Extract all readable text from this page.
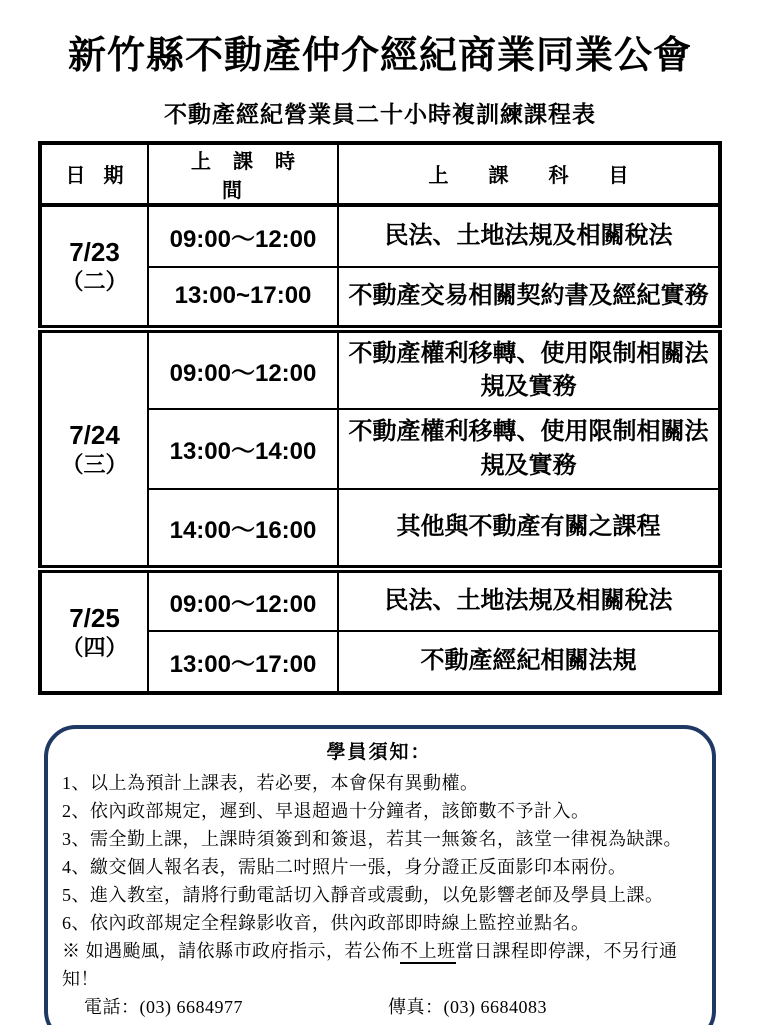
新竹縣不動產仲介經紀商業同業公會
不動產經紀營業員二十小時複訓練課程表
日期	上課時間	上課科目

7/23
（二）	09:00～12:00	民法、土地法規及相關稅法
	13:00~17:00	不動產交易相關契約書及經紀實務

7/24
（三）	09:00～12:00	不動產權利移轉、使用限制相關法規及實務
	13:00～14:00	不動產權利移轉、使用限制相關法規及實務
	14:00～16:00	其他與不動產有關之課程

7/25
（四）	09:00～12:00	民法、土地法規及相關稅法
	13:00～17:00	不動產經紀相關法規
學員須知：
1、以上為預計上課表，若必要，本會保有異動權。
2、依內政部規定，遲到、早退超過十分鐘者，該節數不予計入。
3、需全勤上課，上課時須簽到和簽退，若其一無簽名，該堂一律視為缺課。
4、繳交個人報名表，需貼二吋照片一張，身分證正反面影印本兩份。
5、進入教室，請將行動電話切入靜音或震動，以免影響老師及學員上課。
6、依內政部規定全程錄影收音，供內政部即時線上監控並點名。
※ 如遇颱風，請依縣市政府指示，若公佈不上班當日課程即停課，不另行通知！
電話：(03) 6684977	傳真：(03) 6684083
